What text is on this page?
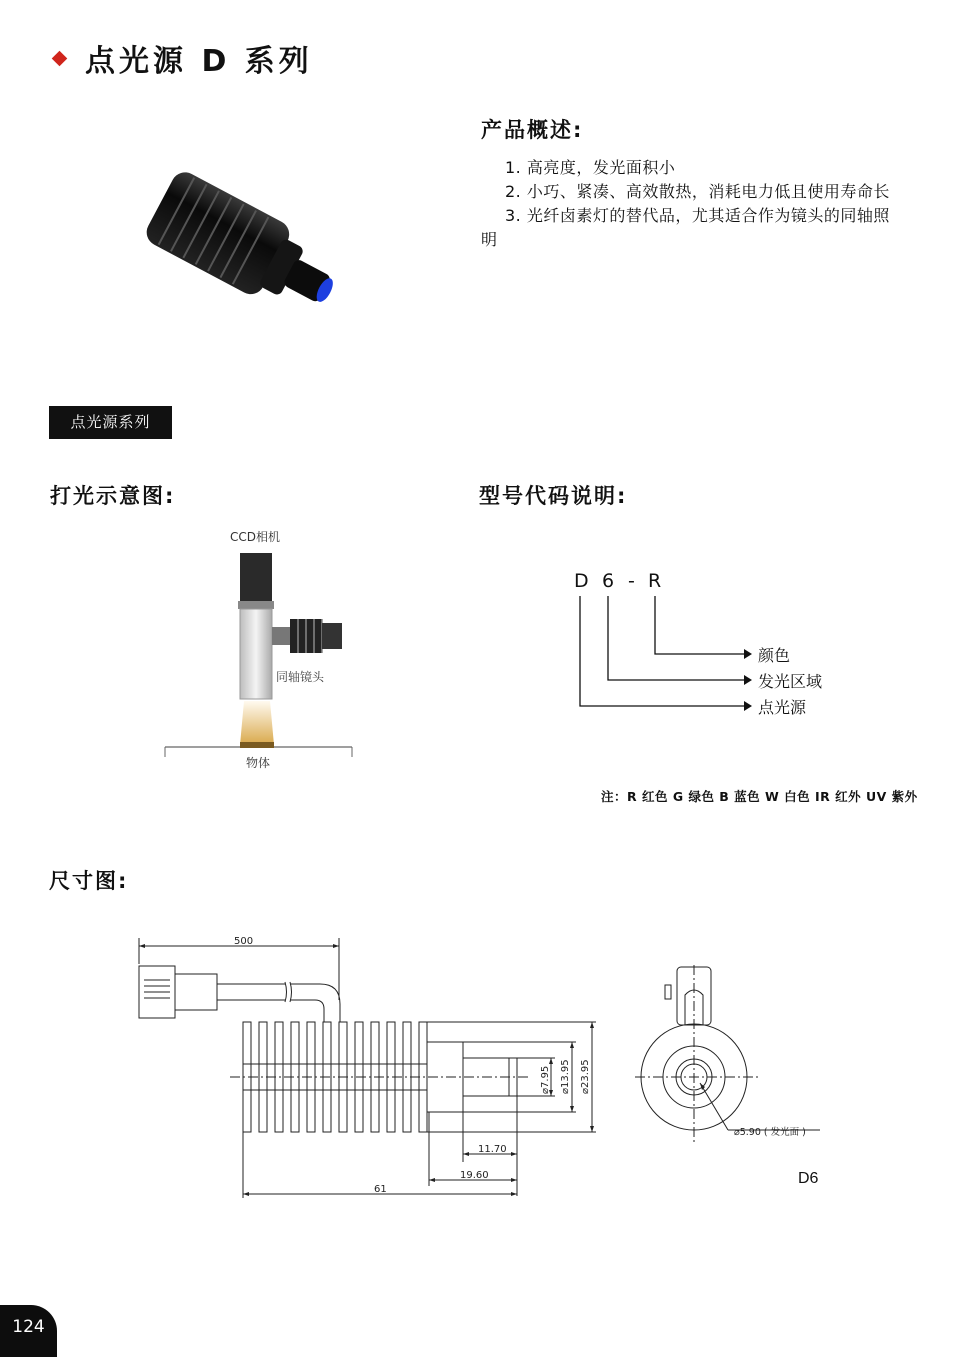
点光源 D 系列
产品概述:

1. 高亮度，发光面积小

2. 小巧、紧凑、高效散热，消耗电力低且使用寿命长

3. 光纤卤素灯的替代品，尤其适合作为镜头的同轴照

明

点光源系列
打光示意图:	型号代码说明:
CCD相机
同轴镜头
物体
D 6 - R
颜色
发光区域
点光源
注：R 红色 G 绿色 B 蓝色 W 白色 IR 红外 UV 紫外
尺寸图:
500
⌀7.95
⌀13.95
⌀23.95
11.70
19.60
61
⌀5.90 ( 发光面 )
D6
124
